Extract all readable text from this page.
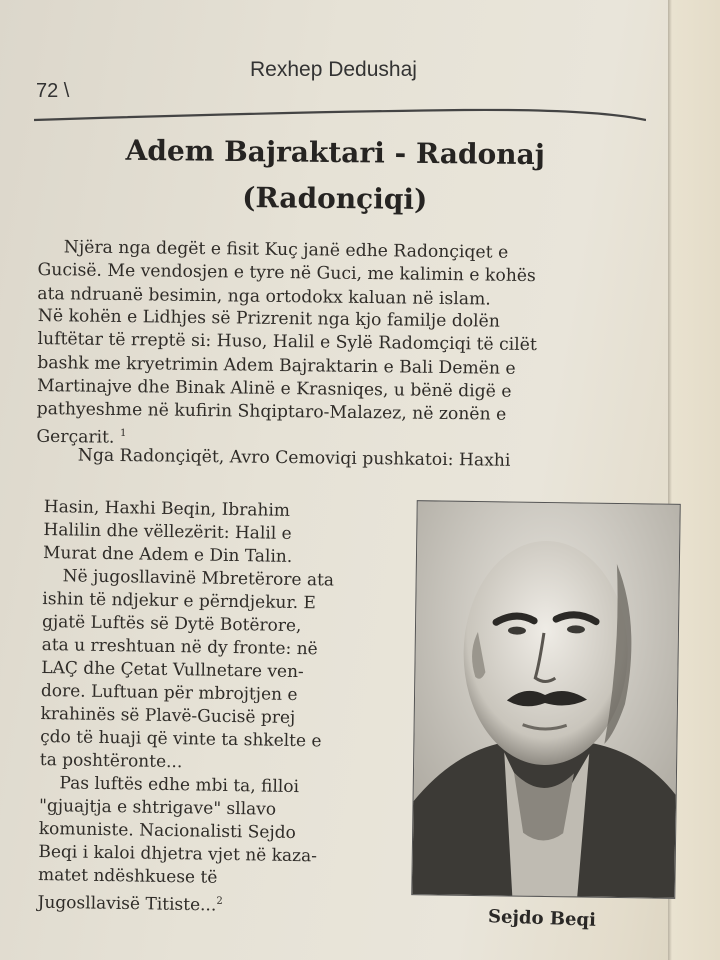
72 \
Rexhep Dedushaj
Adem Bajraktari - Radonaj
(Radonçiqi)
Njëra nga degët e fisit Kuç janë edhe Radonçiqet e
Gucisë. Me vendosjen e tyre në Guci, me kalimin e kohës
ata ndruanë besimin, nga ortodokx kaluan në islam.
Në kohën e Lidhjes së Prizrenit nga kjo familje dolën
luftëtar të rreptë si: Huso, Halil e Sylë Radomçiqi të cilët
bashk me kryetrimin Adem Bajraktarin e Bali Demën e
Martinajve dhe Binak Alinë e Krasniqes, u bënë digë e
pathyeshme në kufirin Shqiptaro-Malazez, në zonën e
Gerçarit. $^1$
Nga Radonçiqët, Avro Cemoviqi pushkatoi: Haxhi
Hasin, Haxhi Beqin, Ibrahim
Halilin dhe vëllezërit: Halil e
Murat dne Adem e Din Talin.
Në jugosllavinë Mbretërore ata
ishin të ndjekur e përndjekur. E
gjatë Luftës së Dytë Botërore,
ata u rreshtuan në dy fronte: në
LAÇ dhe Çetat Vullnetare ven-
dore. Luftuan për mbrojtjen e
krahinës së Plavë-Gucisë prej
çdo të huaji që vinte ta shkelte e
ta poshtëronte...
Pas luftës edhe mbi ta, filloi
"gjuajtja e shtrigave" sllavo
komuniste. Nacionalisti Sejdo
Beqi i kaloi dhjetra vjet në kaza-
matet ndëshkuese të
Jugosllavisë Titiste...$^2$
Sejdo Beqi
